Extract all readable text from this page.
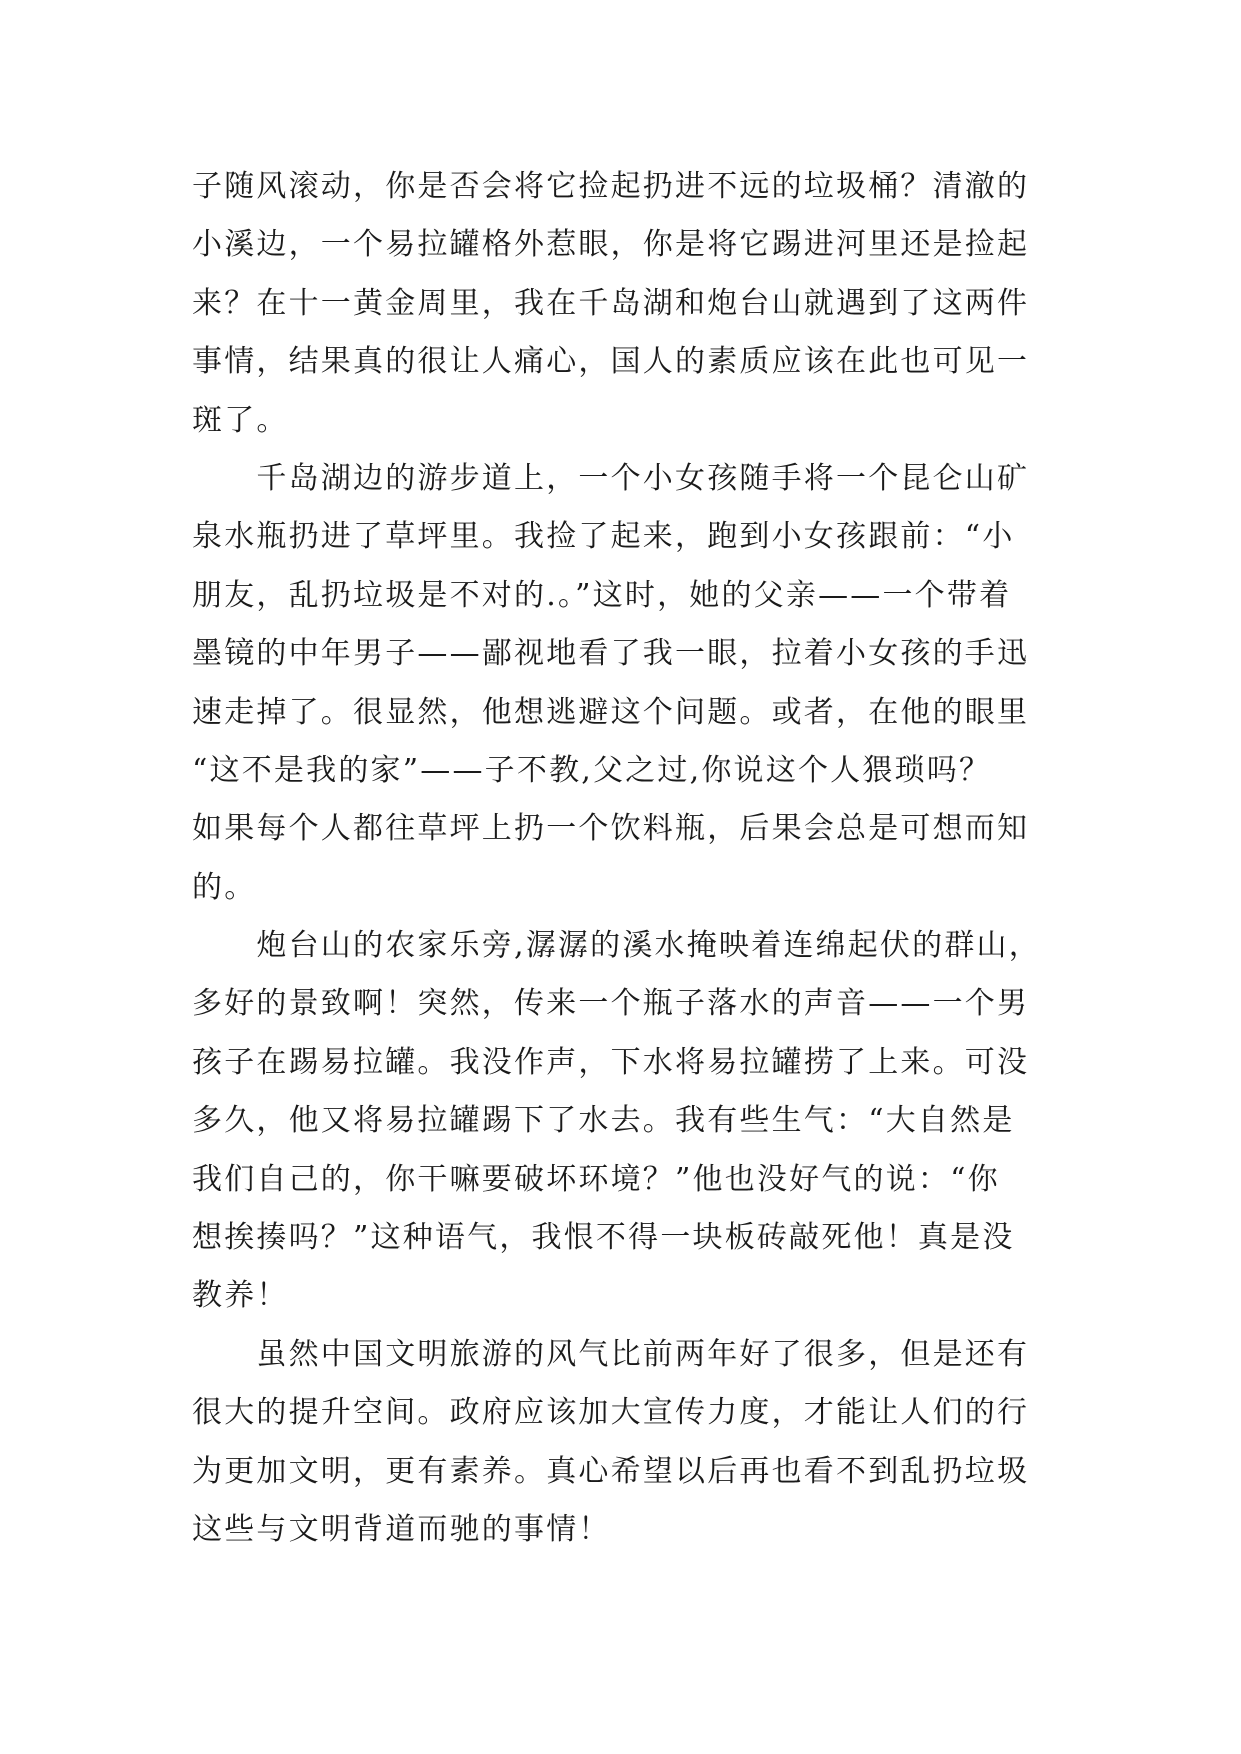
子随风滚动，你是否会将它捡起扔进不远的垃圾桶？清澈的
小溪边，一个易拉罐格外惹眼，你是将它踢进河里还是捡起
来？在十一黄金周里，我在千岛湖和炮台山就遇到了这两件
事情，结果真的很让人痛心，国人的素质应该在此也可见一
斑了。
　　千岛湖边的游步道上，一个小女孩随手将一个昆仑山矿
泉水瓶扔进了草坪里。我捡了起来，跑到小女孩跟前：“小
朋友，乱扔垃圾是不对的.。”这时，她的父亲——一个带着
墨镜的中年男子——鄙视地看了我一眼，拉着小女孩的手迅
速走掉了。很显然，他想逃避这个问题。或者，在他的眼里
“这不是我的家”——子不教,父之过,你说这个人猥琐吗？
如果每个人都往草坪上扔一个饮料瓶，后果会总是可想而知
的。
　　炮台山的农家乐旁,潺潺的溪水掩映着连绵起伏的群山，
多好的景致啊！突然，传来一个瓶子落水的声音——一个男
孩子在踢易拉罐。我没作声，下水将易拉罐捞了上来。可没
多久，他又将易拉罐踢下了水去。我有些生气：“大自然是
我们自己的，你干嘛要破坏环境？”他也没好气的说：“你
想挨揍吗？”这种语气，我恨不得一块板砖敲死他！真是没
教养！
　　虽然中国文明旅游的风气比前两年好了很多，但是还有
很大的提升空间。政府应该加大宣传力度，才能让人们的行
为更加文明，更有素养。真心希望以后再也看不到乱扔垃圾
这些与文明背道而驰的事情！
